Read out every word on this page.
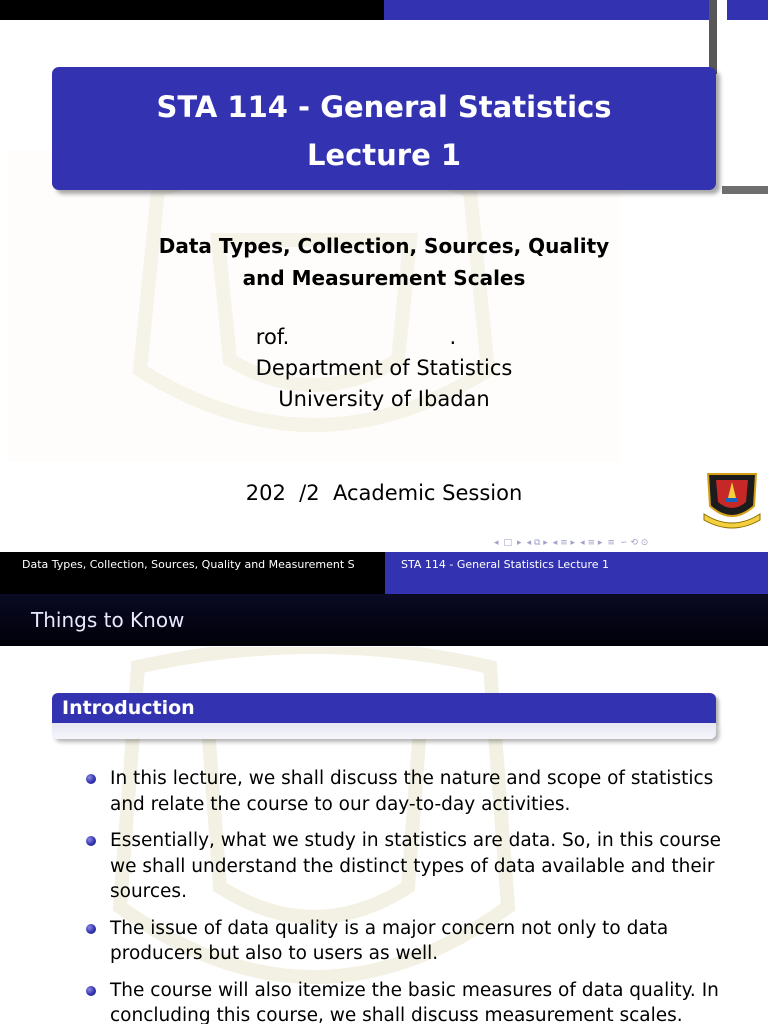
STA 114 - General Statistics
Lecture 1
Data Types, Collection, Sources, Quality
and Measurement Scales
rof.                        .
Department of Statistics
University of Ibadan
202  /2  Academic Session
◂ □ ▸ ◂ ⧉ ▸ ◂ ≡ ▸ ◂ ≡ ▸ ≡ ∽ ⟲ ⊙
Data Types, Collection, Sources, Quality and Measurement S	STA 114 - General Statistics Lecture 1
Things to Know
Introduction
In this lecture, we shall discuss the nature and scope of statistics and relate the course to our day-to-day activities.
Essentially, what we study in statistics are data. So, in this course we shall understand the distinct types of data available and their sources.
The issue of data quality is a major concern not only to data producers but also to users as well.
The course will also itemize the basic measures of data quality. In concluding this course, we shall discuss measurement scales.
